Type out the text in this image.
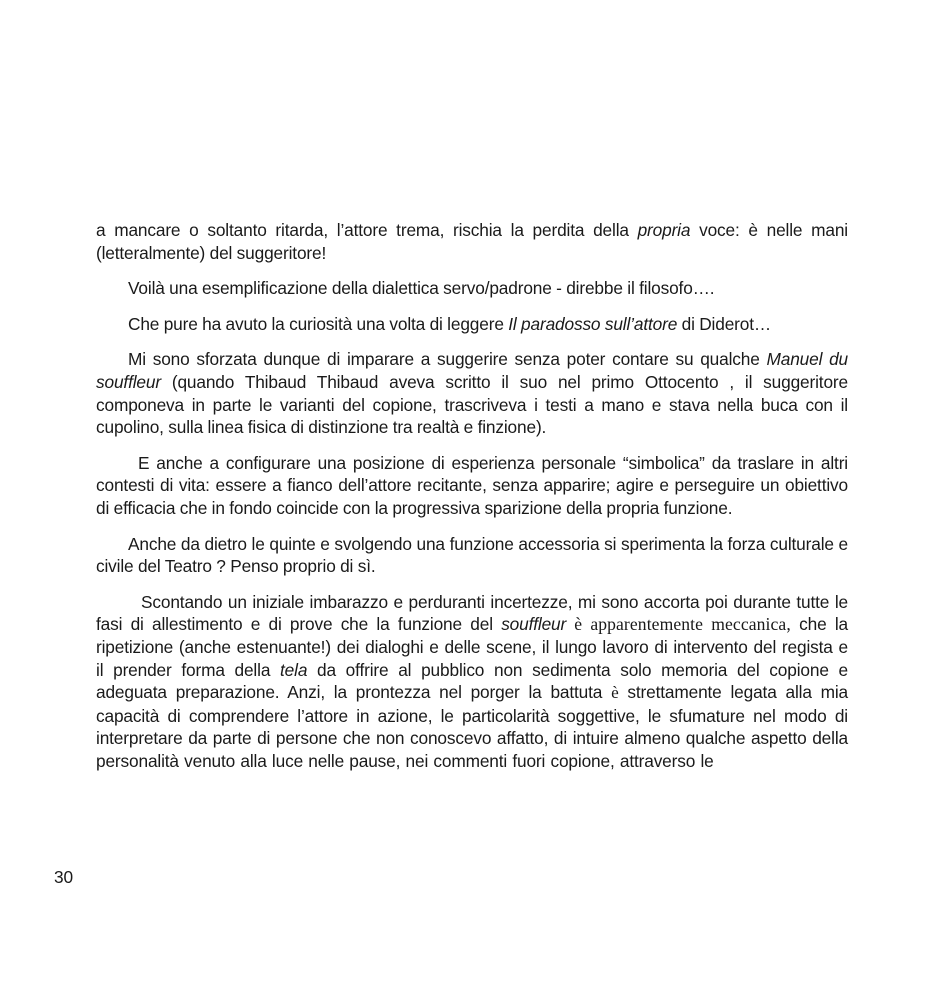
a mancare o soltanto ritarda, l’attore trema, rischia la perdita della propria voce: è nelle mani (letteralmente) del suggeritore!

Voilà una esemplificazione della dialettica servo/padrone - direbbe il filosofo….

Che pure ha avuto la curiosità una volta di leggere Il paradosso sull’attore di Diderot…

Mi sono sforzata dunque di imparare a suggerire senza poter contare su qualche Manuel du souffleur (quando Thibaud Thibaud aveva scritto il suo nel primo Ottocento , il suggeritore componeva in parte le varianti del copione, trascriveva i testi a mano e stava nella buca con il cupolino, sulla linea fisica di distinzione tra realtà e finzione).

E anche a configurare una posizione di esperienza personale “simbolica” da traslare in altri contesti di vita: essere a fianco dell’attore recitante, senza apparire; agire e perseguire un obiettivo di efficacia che in fondo coincide con la progressiva sparizione della propria funzione.

Anche da dietro le quinte e svolgendo una funzione accessoria si sperimenta la forza culturale e civile del Teatro ? Penso proprio di sì.

Scontando un iniziale imbarazzo e perduranti incertezze, mi sono accorta poi durante tutte le fasi di allestimento e di prove che la funzione del souffleur è apparentemente meccanica, che la ripetizione (anche estenuante!) dei dialoghi e delle scene, il lungo lavoro di intervento del regista e il prender forma della tela da offrire al pubblico non sedimenta solo memoria del copione e adeguata preparazione. Anzi, la prontezza nel porger la battuta è strettamente legata alla mia capacità di comprendere l’attore in azione, le particolarità soggettive, le sfumature nel modo di interpretare da parte di persone che non conoscevo affatto, di intuire almeno qualche aspetto della personalità venuto alla luce nelle pause, nei commenti fuori copione, attraverso le

30
